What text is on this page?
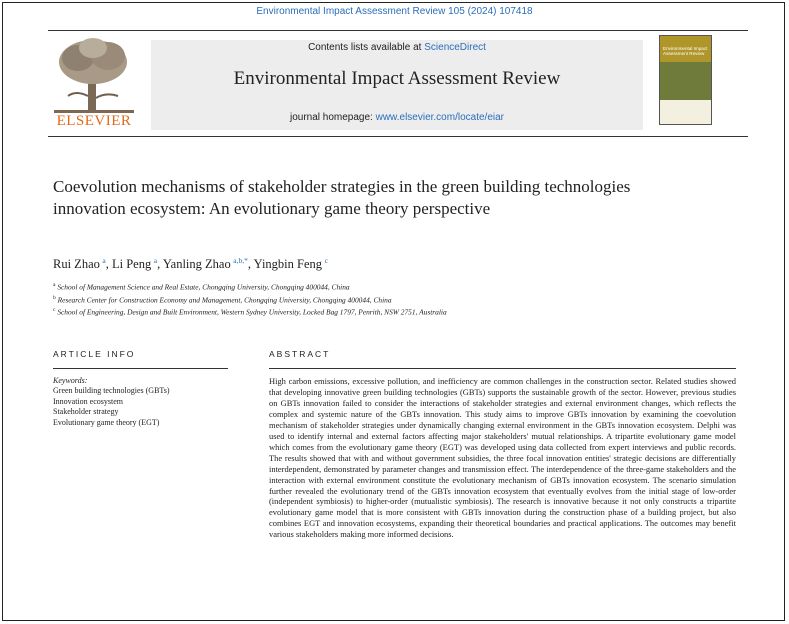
Environmental Impact Assessment Review 105 (2024) 107418
ELSEVIER
Contents lists available at ScienceDirect
Environmental Impact Assessment Review
journal homepage: www.elsevier.com/locate/eiar
Environmental Impact Assessment Review
Coevolution mechanisms of stakeholder strategies in the green building technologies innovation ecosystem: An evolutionary game theory perspective
Rui Zhao  $^a$, Li Peng  $^a$, Yanling Zhao  $^{a,b,*}$, Yingbin Feng  $^c$
$^a$ School of Management Science and Real Estate, Chongqing University, Chongqing 400044, China
$^b$ Research Center for Construction Economy and Management, Chongqing University, Chongqing 400044, China
$^c$ School of Engineering, Design and Built Environment, Western Sydney University, Locked Bag 1797, Penrith, NSW 2751, Australia
ARTICLE INFO	ABSTRACT
Keywords:
Green building technologies (GBTs)
Innovation ecosystem
Stakeholder strategy
Evolutionary game theory (EGT)

High carbon emissions, excessive pollution, and inefficiency are common challenges in the construction sector. Related studies showed that developing innovative green building technologies (GBTs) supports the sustainable growth of the sector. However, previous studies on GBTs innovation failed to consider the interactions of stakeholder strategies and external environment changes, which reflects the complex and systemic nature of the GBTs innovation. This study aims to improve GBTs innovation by examining the coevolution mechanism of stakeholder strategies under dynamically changing external environment in the GBTs innovation ecosystem. Delphi was used to identify internal and external factors affecting major stakeholders' mutual relationships. A tripartite evolutionary game model which comes from the evolutionary game theory (EGT) was developed using data collected from expert interviews and public records. The results showed that with and without government subsidies, the three focal innovation entities' strategic decisions are differentially interdependent, demonstrated by parameter changes and transmission effect. The interdependence of the three-game stakeholders and the interaction with external environment constitute the evolutionary mechanism of GBTs innovation ecosystem. The scenario simulation further revealed the evolutionary trend of the GBTs innovation ecosystem that eventually evolves from the initial stage of low-order (independent symbiosis) to higher-order (mutualistic symbiosis). The research is innovative because it not only constructs a tripartite evolutionary game model that is more consistent with GBTs innovation during the construction phase of a building project, but also combines EGT and innovation ecosystems, expanding their theoretical boundaries and practical applications. The outcomes may benefit various stakeholders making more informed decisions.
